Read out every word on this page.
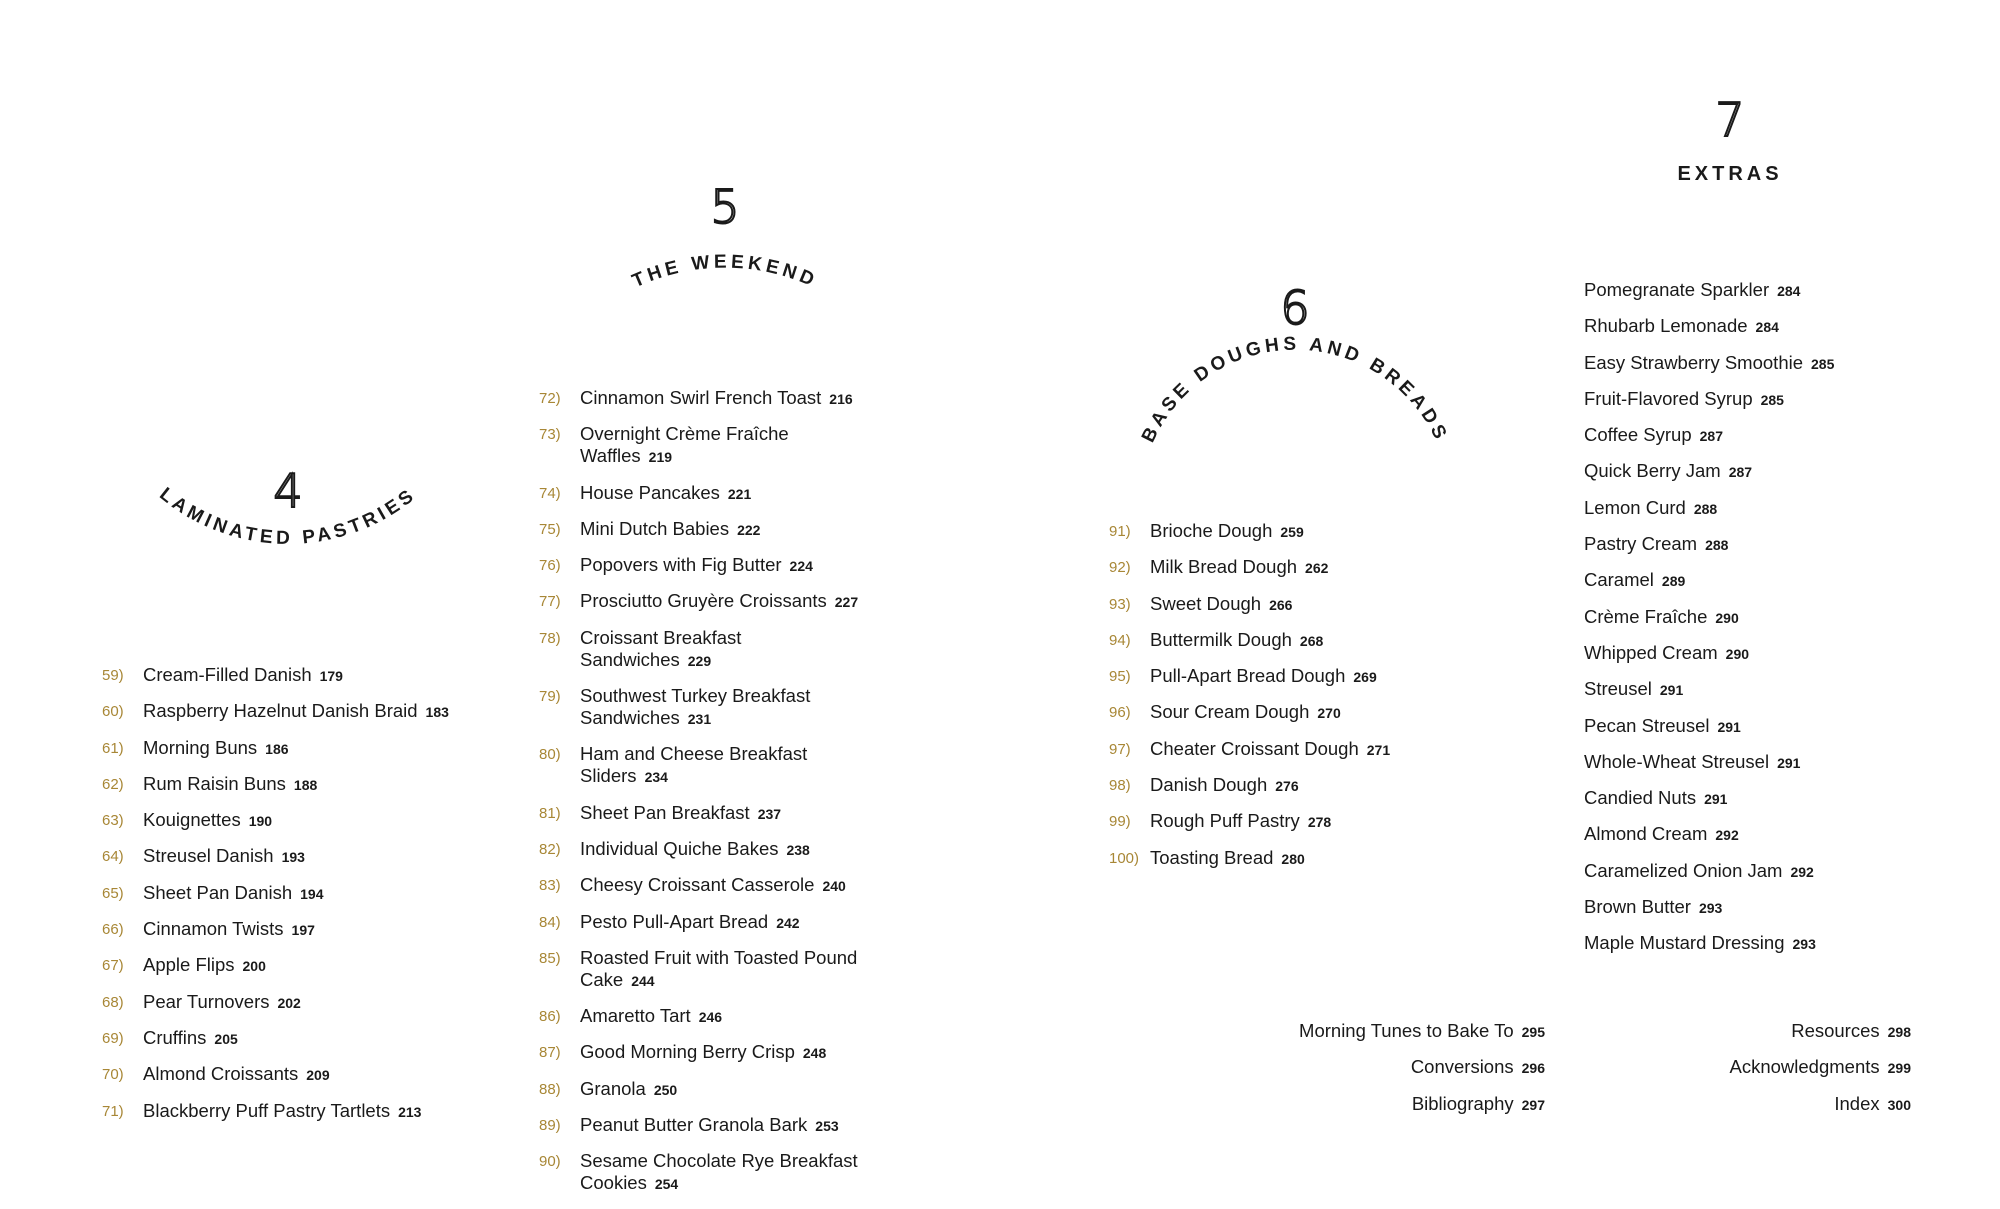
4
LAMINATED PASTRIES
59) Cream-Filled Danish 179
60) Raspberry Hazelnut Danish Braid 183
61) Morning Buns 186
62) Rum Raisin Buns 188
63) Kouignettes 190
64) Streusel Danish 193
65) Sheet Pan Danish 194
66) Cinnamon Twists 197
67) Apple Flips 200
68) Pear Turnovers 202
69) Cruffins 205
70) Almond Croissants 209
71) Blackberry Puff Pastry Tartlets 213
5
THE WEEKEND
72) Cinnamon Swirl French Toast 216
73) Overnight Crème Fraîche Waffles 219
74) House Pancakes 221
75) Mini Dutch Babies 222
76) Popovers with Fig Butter 224
77) Prosciutto Gruyère Croissants 227
78) Croissant Breakfast Sandwiches 229
79) Southwest Turkey Breakfast Sandwiches 231
80) Ham and Cheese Breakfast Sliders 234
81) Sheet Pan Breakfast 237
82) Individual Quiche Bakes 238
83) Cheesy Croissant Casserole 240
84) Pesto Pull-Apart Bread 242
85) Roasted Fruit with Toasted Pound Cake 244
86) Amaretto Tart 246
87) Good Morning Berry Crisp 248
88) Granola 250
89) Peanut Butter Granola Bark 253
90) Sesame Chocolate Rye Breakfast Cookies 254
6
BASE DOUGHS AND BREADS
91) Brioche Dough 259
92) Milk Bread Dough 262
93) Sweet Dough 266
94) Buttermilk Dough 268
95) Pull-Apart Bread Dough 269
96) Sour Cream Dough 270
97) Cheater Croissant Dough 271
98) Danish Dough 276
99) Rough Puff Pastry 278
100) Toasting Bread 280
7
EXTRAS
Pomegranate Sparkler 284
Rhubarb Lemonade 284
Easy Strawberry Smoothie 285
Fruit-Flavored Syrup 285
Coffee Syrup 287
Quick Berry Jam 287
Lemon Curd 288
Pastry Cream 288
Caramel 289
Crème Fraîche 290
Whipped Cream 290
Streusel 291
Pecan Streusel 291
Whole-Wheat Streusel 291
Candied Nuts 291
Almond Cream 292
Caramelized Onion Jam 292
Brown Butter 293
Maple Mustard Dressing 293
Morning Tunes to Bake To 295
Conversions 296
Bibliography 297
Resources 298
Acknowledgments 299
Index 300
